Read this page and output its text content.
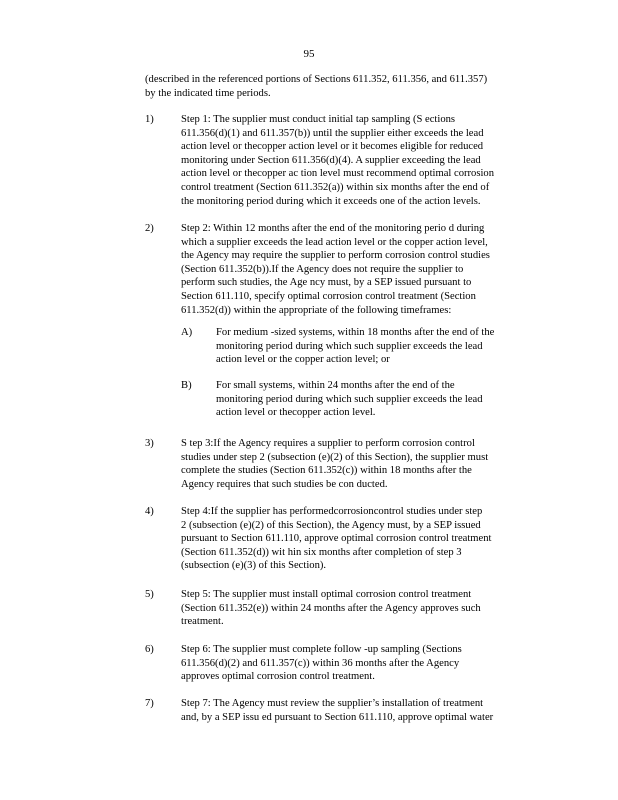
95
(described in the referenced portions of Sections 611.352, 611.356, and 611.357)
by the indicated time periods.
1)	Step 1: The supplier must conduct initial tap sampling (S ections
611.356(d)(1) and 611.357(b)) until the supplier either exceeds the lead
action level or thecopper action level or it becomes eligible for reduced
monitoring under Section 611.356(d)(4). A supplier exceeding the lead
action level or thecopper ac tion level must recommend optimal corrosion
control treatment (Section 611.352(a)) within six months after the end of
the monitoring period during which it exceeds one of the action levels.
2)	Step 2: Within 12 months after the end of the monitoring perio d during
which a supplier exceeds the lead action level or the copper action level,
the Agency may require the supplier to perform corrosion control studies
(Section 611.352(b)).If the Agency does not require the supplier to
perform such studies, the Age ncy must, by a SEP issued pursuant to
Section 611.110, specify optimal corrosion control treatment (Section
611.352(d)) within the appropriate of the following timeframes:
A)	For medium -sized systems, within 18 months after the end of the
monitoring period during which such supplier exceeds the lead
action level or the copper action level; or
B)	For small systems, within 24 months after the end of the
monitoring period during which such supplier exceeds the lead
action level or thecopper action level.
3)	S tep 3:If the Agency requires a supplier to perform corrosion control
studies under step 2 (subsection (e)(2) of this Section), the supplier must
complete the studies (Section 611.352(c)) within 18 months after the
Agency requires that such studies be con ducted.
4)	Step 4:If the supplier has performedcorrosioncontrol studies under step
2 (subsection (e)(2) of this Section), the Agency must, by a SEP issued
pursuant to Section 611.110, approve optimal corrosion control treatment
(Section 611.352(d)) wit hin six months after completion of step 3
(subsection (e)(3) of this Section).
5)	Step 5: The supplier must install optimal corrosion control treatment
(Section 611.352(e)) within 24 months after the Agency approves such
treatment.
6)	Step 6: The supplier must complete follow -up sampling (Sections
611.356(d)(2) and 611.357(c)) within 36 months after the Agency
approves optimal corrosion control treatment.
7)	Step 7: The Agency must review the supplier’s installation of treatment
and, by a SEP issu ed pursuant to Section 611.110, approve optimal water
